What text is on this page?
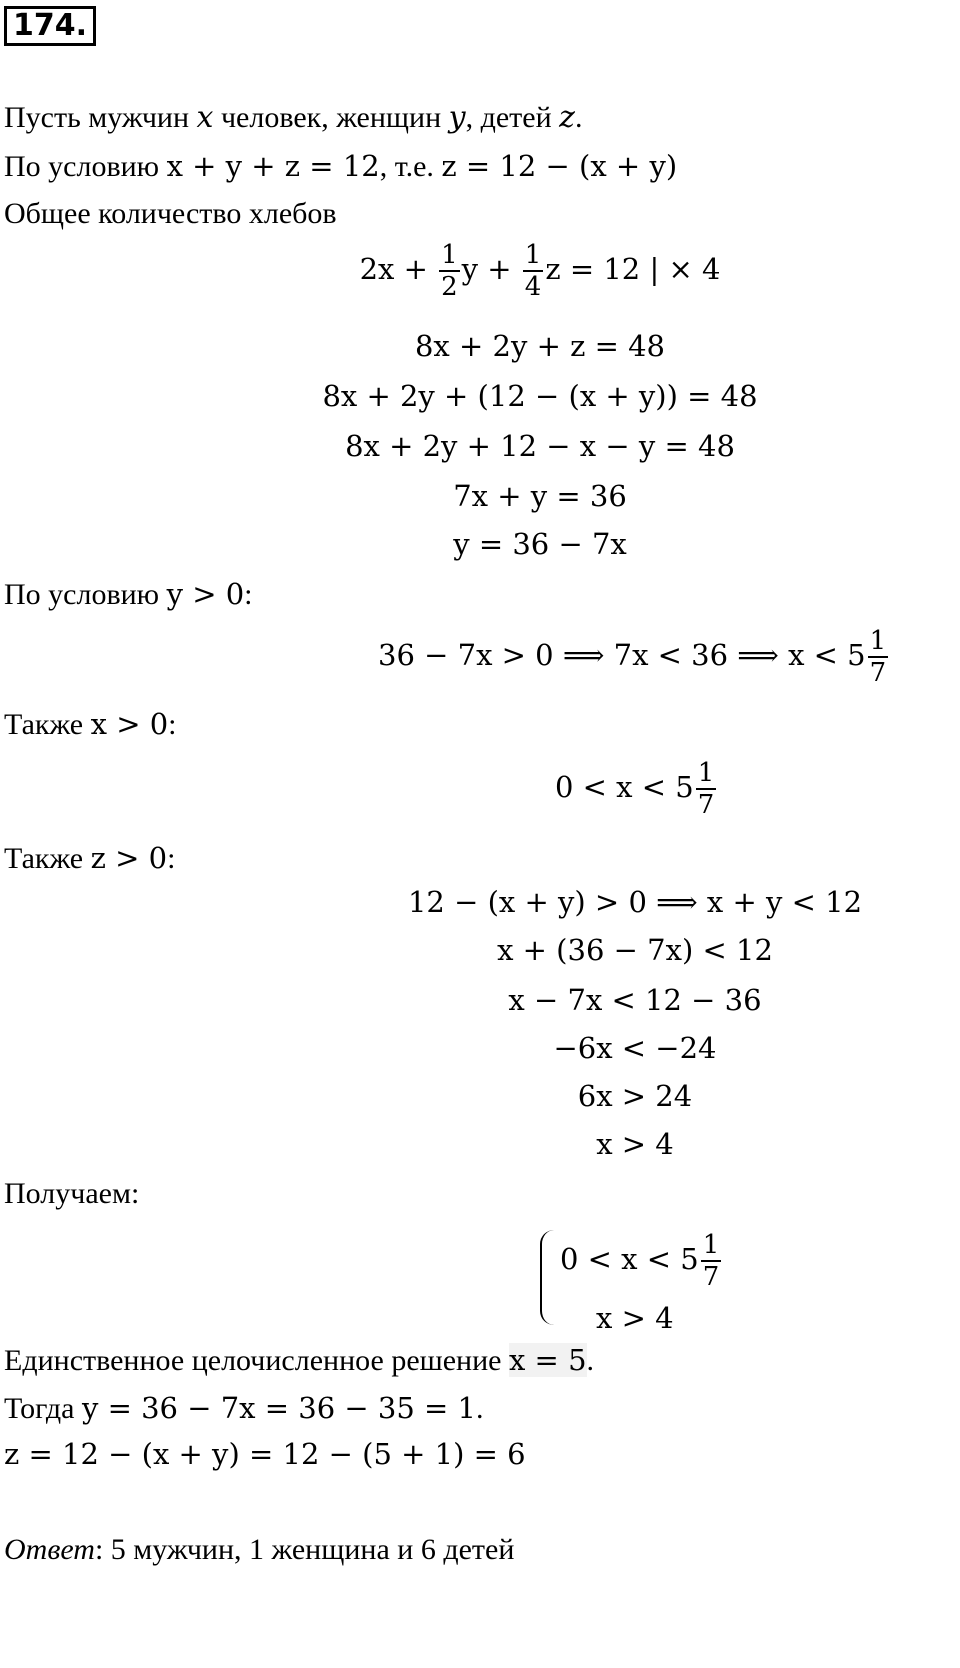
174.
Пусть мужчин x человек, женщин y, детей z.
По условию x + y + z = 12, т.е. z = 12 − (x + y)
Общее количество хлебов
$2x + \frac{1}{2}$ $y + \frac{1}{4}$ z = 12 | × 4
8x + 2y + z = 48
8x + 2y + (12 − (x + y)) = 48
8x + 2y + 12 − x − y = 48
7x + y = 36
y = 36 − 7x
По условию y > 0:
36 − 7x > 0 ⟹ 7x < 36 ⟹ $x < 5 \frac{1}{7}$
Также x > 0:
$0 < x < 5 \frac{1}{7}$
Также z > 0:
12 − (x + y) > 0 ⟹ x + y < 12
x + (36 − 7x) < 12
x − 7x < 12 − 36
−6x < −24
6x > 24
x > 4
Получаем:
$0 < x < 5 \frac{1}{7}$
x > 4
Единственное целочисленное решение x = 5.
Тогда y = 36 − 7x = 36 − 35 = 1.
z = 12 − (x + y) = 12 − (5 + 1) = 6
Ответ: 5 мужчин, 1 женщина и 6 детей
